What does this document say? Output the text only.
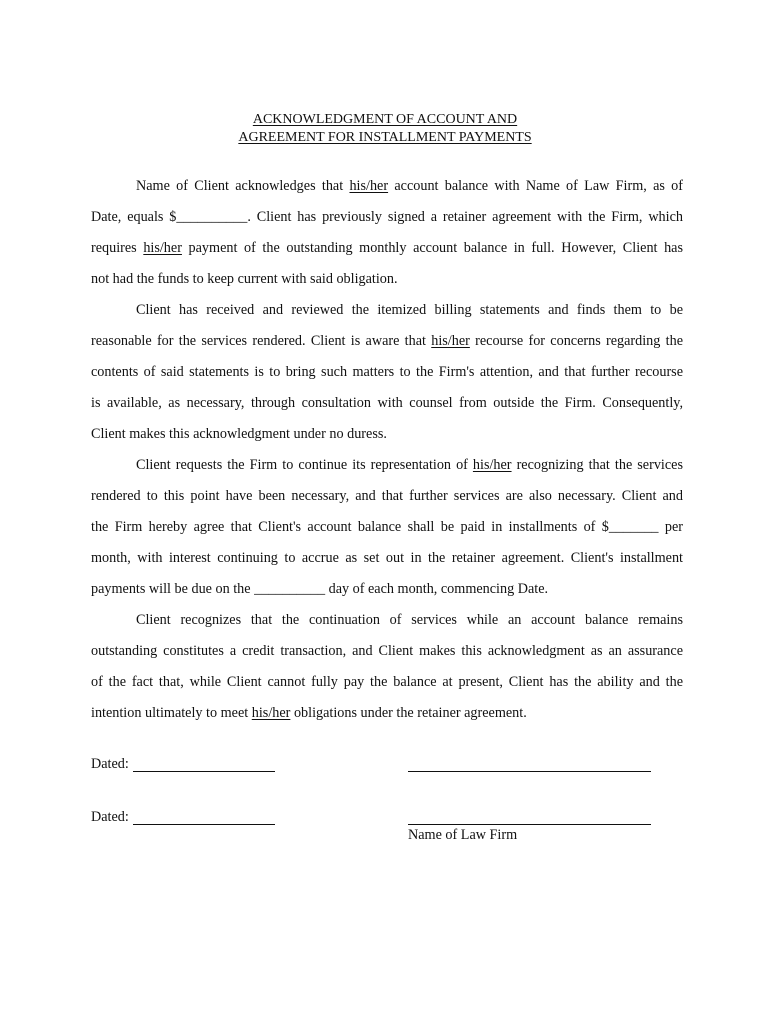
ACKNOWLEDGMENT OF ACCOUNT AND
AGREEMENT FOR INSTALLMENT PAYMENTS
Name of Client acknowledges that his/her account balance with Name of Law Firm, as of
Date, equals $__________. Client has previously signed a retainer agreement with the Firm, which
requires his/her payment of the outstanding monthly account balance in full. However, Client has
not had the funds to keep current with said obligation.
Client has received and reviewed the itemized billing statements and finds them to be
reasonable for the services rendered. Client is aware that his/her recourse for concerns regarding the
contents of said statements is to bring such matters to the Firm's attention, and that further recourse
is available, as necessary, through consultation with counsel from outside the Firm. Consequently,
Client makes this acknowledgment under no duress.
Client requests the Firm to continue its representation of his/her recognizing that the services
rendered to this point have been necessary, and that further services are also necessary. Client and
the Firm hereby agree that Client's account balance shall be paid in installments of $_______ per
month, with interest continuing to accrue as set out in the retainer agreement. Client's installment
payments will be due on the __________ day of each month, commencing Date.
Client recognizes that the continuation of services while an account balance remains
outstanding constitutes a credit transaction, and Client makes this acknowledgment as an assurance
of the fact that, while Client cannot fully pay the balance at present, Client has the ability and the
intention ultimately to meet his/her obligations under the retainer agreement.
Dated:
Dated:
Name of Law Firm
